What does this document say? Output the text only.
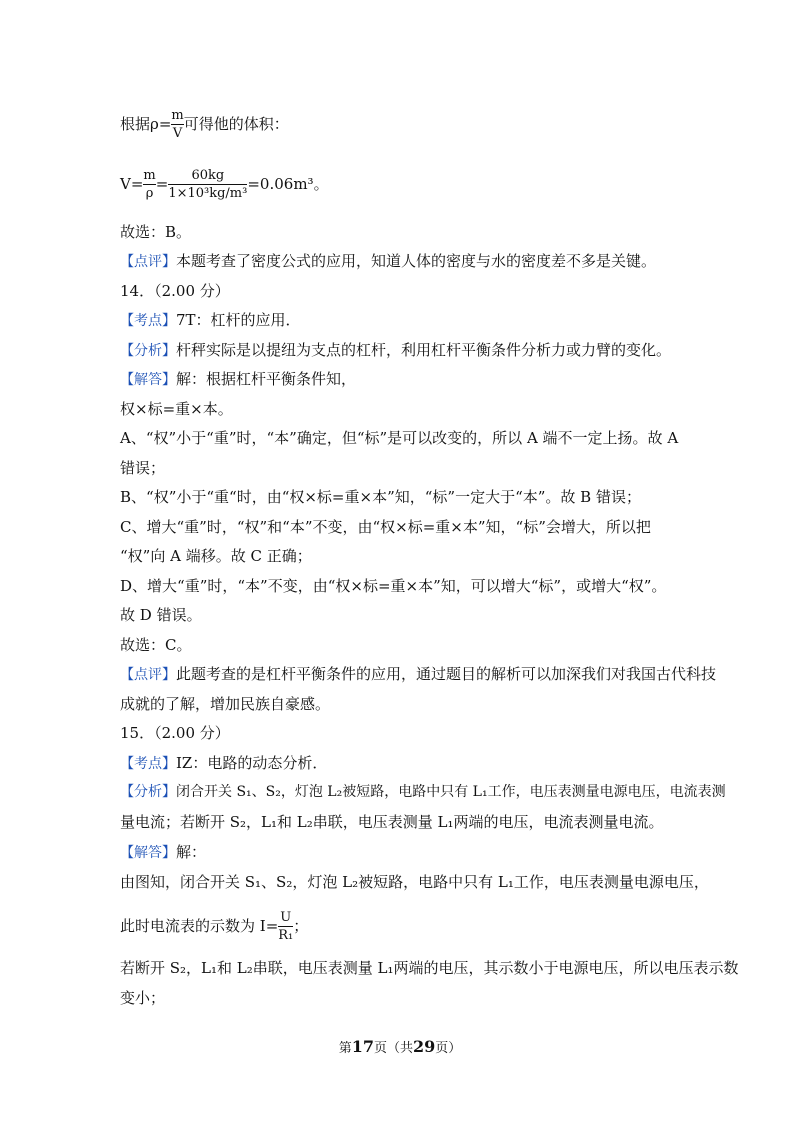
根据$\rho= \frac{m}{V}$ 可得他的体积：
$V= \frac{m}{\rho} = \frac{60kg}{\text{1×10³kg/m³}} =0.06m^3$。
故选：B。
【点评】本题考查了密度公式的应用，知道人体的密度与水的密度差不多是关键。
14．（2.00 分）
【考点】7T：杠杆的应用．
【分析】杆秤实际是以提纽为支点的杠杆，利用杠杆平衡条件分析力或力臂的变化。
【解答】解：根据杠杆平衡条件知，
权×标=重×本。
A、“权”小于“重”时，“本”确定，但“标”是可以改变的，所以 A 端不一定上扬。故 A
错误；
B、“权”小于“重“时，由“权×标=重×本”知，“标”一定大于“本”。故 B 错误；
C、增大“重”时，“权”和“本”不变，由“权×标=重×本”知，“标”会增大，所以把
“权”向 A 端移。故 C 正确；
D、增大“重”时，“本”不变，由“权×标=重×本”知，可以增大“标”，或增大“权”。
故 D 错误。
故选：C。
【点评】此题考查的是杠杆平衡条件的应用，通过题目的解析可以加深我们对我国古代科技
成就的了解，增加民族自豪感。
15．（2.00 分）
【考点】IZ：电路的动态分析．
【分析】闭合开关 S₁、S₂，灯泡 L₂被短路，电路中只有 L₁工作，电压表测量电源电压，电流表测
量电流；若断开 S₂，L₁和 L₂串联，电压表测量 L₁两端的电压，电流表测量电流。
【解答】解：
由图知，闭合开关 S₁、S₂，灯泡 L₂被短路，电路中只有 L₁工作，电压表测量电源电压，
此时电流表的示数为 $I= \frac{U}{\text{R₁}}$ ；
若断开 S₂，L₁和 L₂串联，电压表测量 L₁两端的电压，其示数小于电源电压，所以电压表示数
变小；
第17页（共29页）
